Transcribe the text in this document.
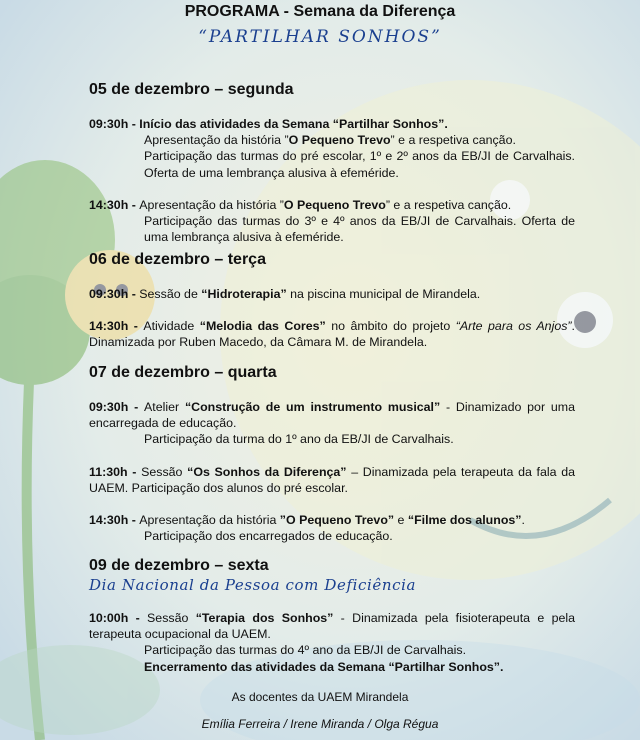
PROGRAMA - Semana da Diferença
“PARTILHAR SONHOS”
05 de dezembro – segunda
09:30h - Início das atividades da Semana “Partilhar Sonhos”.
Apresentação da história ”O Pequeno Trevo” e a respetiva canção.
Participação das turmas do pré escolar, 1º e 2º anos da EB/JI de Carvalhais. Oferta de uma lembrança alusiva à efeméride.
14:30h - Apresentação da história ”O Pequeno Trevo” e a respetiva canção.
Participação das turmas do 3º e 4º anos da EB/JI de Carvalhais. Oferta de uma lembrança alusiva à efeméride.
06 de dezembro – terça
09:30h - Sessão de “Hidroterapia” na piscina municipal de Mirandela.
14:30h - Atividade “Melodia das Cores” no âmbito do projeto “Arte para os Anjos”. Dinamizada por Ruben Macedo, da Câmara M. de Mirandela.
07 de dezembro – quarta
09:30h - Atelier “Construção de um instrumento musical” - Dinamizado por uma encarregada de educação.
Participação da turma do 1º ano da EB/JI de Carvalhais.
11:30h - Sessão “Os Sonhos da Diferença” – Dinamizada pela terapeuta da fala da UAEM. Participação dos alunos do pré escolar.
14:30h - Apresentação da história ”O Pequeno Trevo” e “Filme dos alunos”.
Participação dos encarregados de educação.
09 de dezembro – sexta
Dia Nacional da Pessoa com Deficiência
10:00h - Sessão “Terapia dos Sonhos” - Dinamizada pela fisioterapeuta e pela terapeuta ocupacional da UAEM.
Participação das turmas do 4º ano da EB/JI de Carvalhais.
Encerramento das atividades da Semana “Partilhar Sonhos”.
As docentes da UAEM Mirandela
Emília Ferreira / Irene Miranda / Olga Régua
